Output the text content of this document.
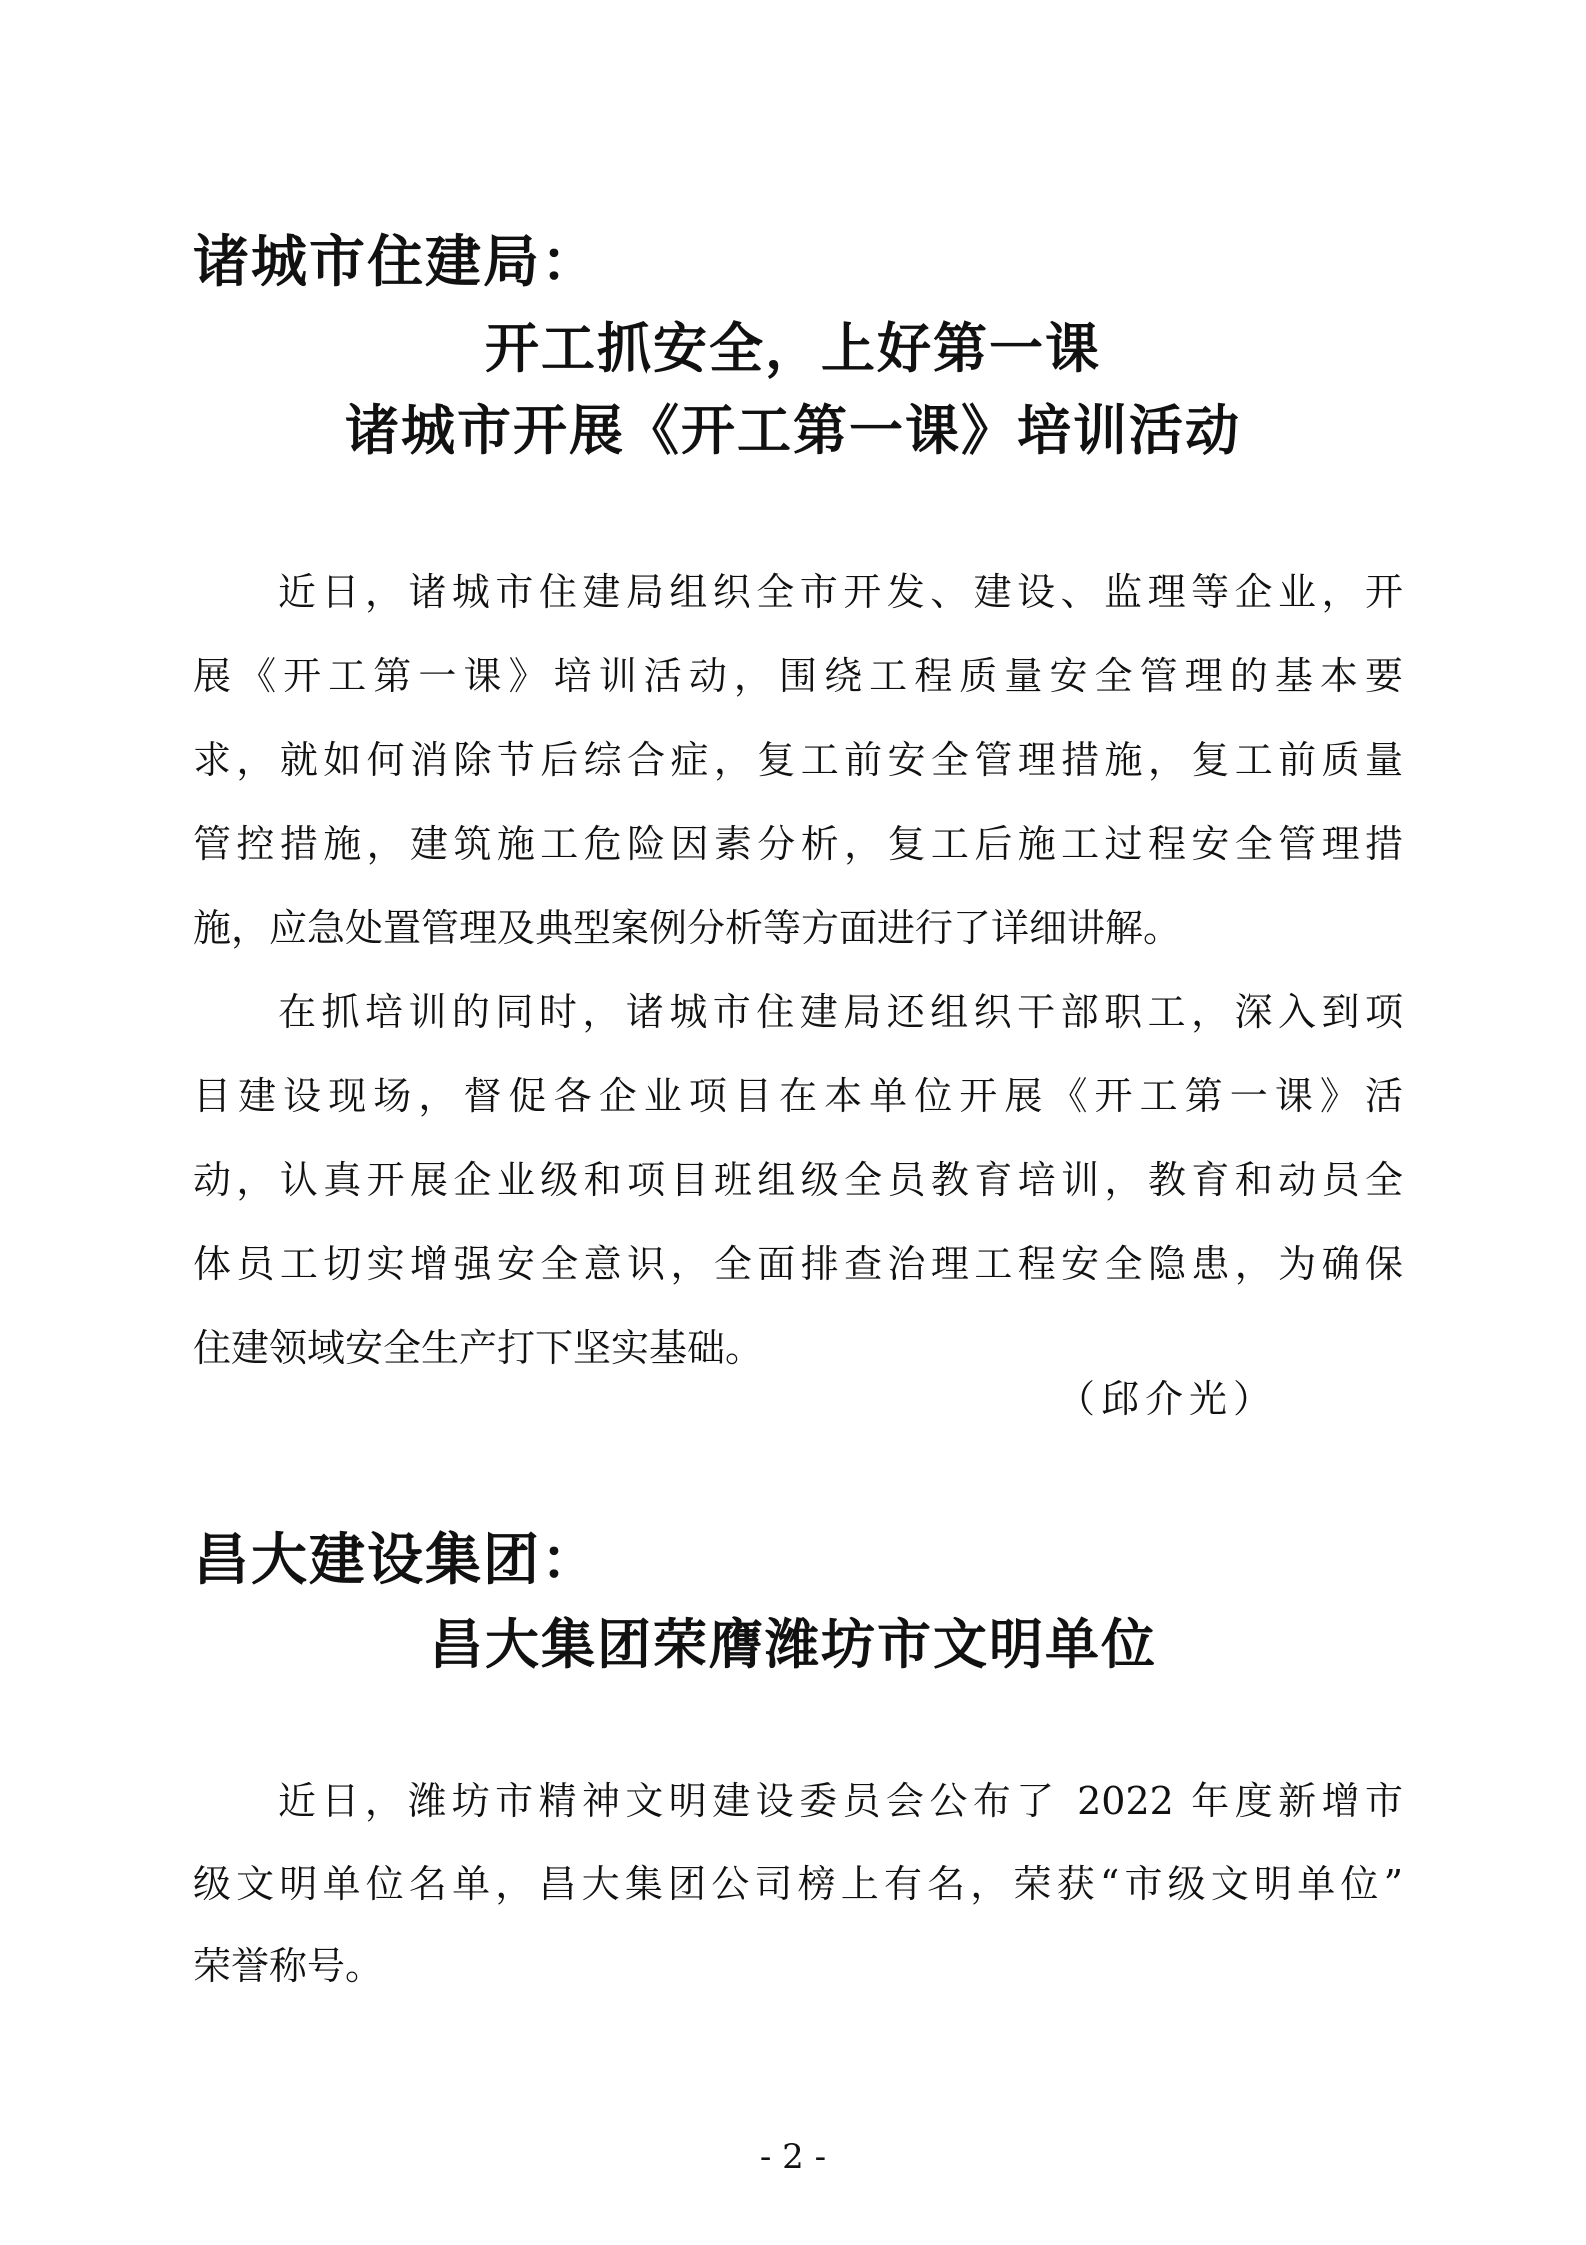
诸城市住建局：
开工抓安全，上好第一课
诸城市开展《开工第一课》培训活动
近日，诸城市住建局组织全市开发、建设、监理等企业，开
展《开工第一课》培训活动，围绕工程质量安全管理的基本要
求，就如何消除节后综合症，复工前安全管理措施，复工前质量
管控措施，建筑施工危险因素分析，复工后施工过程安全管理措
施，应急处置管理及典型案例分析等方面进行了详细讲解。
在抓培训的同时，诸城市住建局还组织干部职工，深入到项
目建设现场，督促各企业项目在本单位开展《开工第一课》活
动，认真开展企业级和项目班组级全员教育培训，教育和动员全
体员工切实增强安全意识，全面排查治理工程安全隐患，为确保
住建领域安全生产打下坚实基础。
（邱介光）
昌大建设集团：
昌大集团荣膺潍坊市文明单位
近日，潍坊市精神文明建设委员会公布了 2022 年度新增市
级文明单位名单，昌大集团公司榜上有名，荣获“市级文明单位”
荣誉称号。
- 2 -
